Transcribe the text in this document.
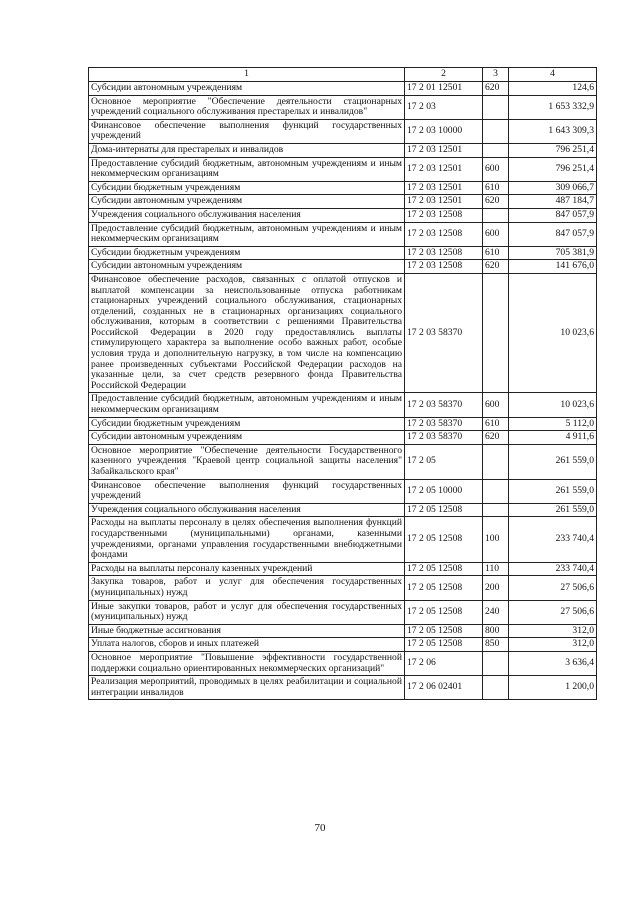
1	2	3	4
Субсидии автономным учреждениям	17 2 01 12501	620	124,6
Основное мероприятие "Обеспечение деятельности стационарных учреждений социального обслуживания престарелых и инвалидов"	17 2 03		1 653 332,9
Финансовое обеспечение выполнения функций государственных учреждений	17 2 03 10000		1 643 309,3
Дома-интернаты для престарелых и инвалидов	17 2 03 12501		796 251,4
Предоставление субсидий бюджетным, автономным учреждениям и иным некоммерческим организациям	17 2 03 12501	600	796 251,4
Субсидии бюджетным учреждениям	17 2 03 12501	610	309 066,7
Субсидии автономным учреждениям	17 2 03 12501	620	487 184,7
Учреждения социального обслуживания населения	17 2 03 12508		847 057,9
Предоставление субсидий бюджетным, автономным учреждениям и иным некоммерческим организациям	17 2 03 12508	600	847 057,9
Субсидии бюджетным учреждениям	17 2 03 12508	610	705 381,9
Субсидии автономным учреждениям	17 2 03 12508	620	141 676,0
Финансовое обеспечение расходов, связанных с оплатой отпусков и выплатой компенсации за неиспользованные отпуска работникам стационарных учреждений социального обслуживания, стационарных отделений, созданных не в стационарных организациях социального обслуживания, которым в соответствии с решениями Правительства Российской Федерации в 2020 году предоставлялись выплаты стимулирующего характера за выполнение особо важных работ, особые условия труда и дополнительную нагрузку, в том числе на компенсацию ранее произведенных субъектами Российской Федерации расходов на указанные цели, за счет средств резервного фонда Правительства Российской Федерации	17 2 03 58370		10 023,6
Предоставление субсидий бюджетным, автономным учреждениям и иным некоммерческим организациям	17 2 03 58370	600	10 023,6
Субсидии бюджетным учреждениям	17 2 03 58370	610	5 112,0
Субсидии автономным учреждениям	17 2 03 58370	620	4 911,6
Основное мероприятие "Обеспечение деятельности Государственного казенного учреждения "Краевой центр социальной защиты населения" Забайкальского края"	17 2 05		261 559,0
Финансовое обеспечение выполнения функций государственных учреждений	17 2 05 10000		261 559,0
Учреждения социального обслуживания населения	17 2 05 12508		261 559,0
Расходы на выплаты персоналу в целях обеспечения выполнения функций государственными (муниципальными) органами, казенными учреждениями, органами управления государственными внебюджетными фондами	17 2 05 12508	100	233 740,4
Расходы на выплаты персоналу казенных учреждений	17 2 05 12508	110	233 740,4
Закупка товаров, работ и услуг для обеспечения государственных (муниципальных) нужд	17 2 05 12508	200	27 506,6
Иные закупки товаров, работ и услуг для обеспечения государственных (муниципальных) нужд	17 2 05 12508	240	27 506,6
Иные бюджетные ассигнования	17 2 05 12508	800	312,0
Уплата налогов, сборов и иных платежей	17 2 05 12508	850	312,0
Основное мероприятие "Повышение эффективности государственной поддержки социально ориентированных некоммерческих организаций"	17 2 06		3 636,4
Реализация мероприятий, проводимых в целях реабилитации и социальной интеграции инвалидов	17 2 06 02401		1 200,0
70
